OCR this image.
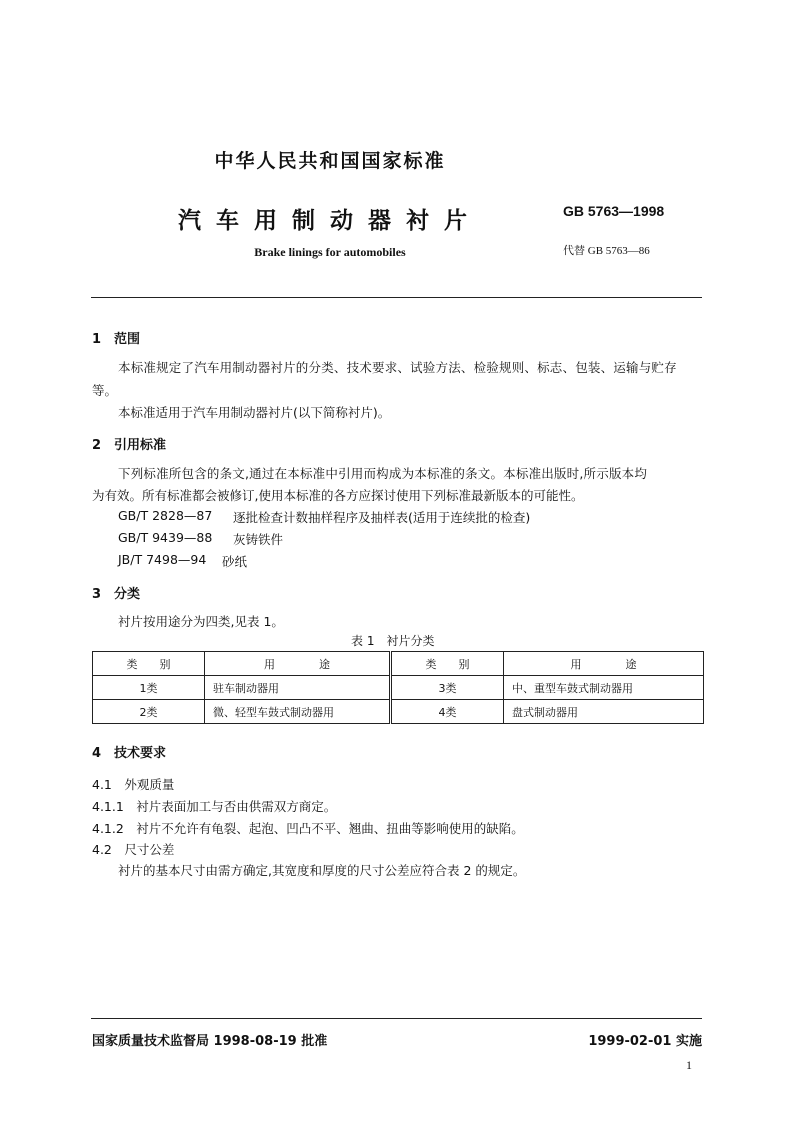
中华人民共和国国家标准
汽车用制动器衬片
Brake linings for automobiles
GB 5763—1998
代替 GB 5763—86
1　范围
本标准规定了汽车用制动器衬片的分类、技术要求、试验方法、检验规则、标志、包装、运输与贮存
等。
本标准适用于汽车用制动器衬片(以下简称衬片)。
2　引用标准
下列标准所包含的条文,通过在本标准中引用而构成为本标准的条文。本标准出版时,所示版本均
为有效。所有标准都会被修订,使用本标准的各方应探讨使用下列标准最新版本的可能性。
GB/T 2828—87 逐批检查计数抽样程序及抽样表(适用于连续批的检查)
GB/T 9439—88 灰铸铁件
JB/T 7498—94 砂纸
3　分类
衬片按用途分为四类,见表 1。
表 1　衬片分类
类　　别	用　　　　途	类　　别	用　　　　途
1类	驻车制动器用	3类	中、重型车鼓式制动器用
2类	微、轻型车鼓式制动器用	4类	盘式制动器用
4　技术要求
4.1　外观质量
4.1.1　衬片表面加工与否由供需双方商定。
4.1.2　衬片不允许有龟裂、起泡、凹凸不平、翘曲、扭曲等影响使用的缺陷。
4.2　尺寸公差
衬片的基本尺寸由需方确定,其宽度和厚度的尺寸公差应符合表 2 的规定。
国家质量技术监督局 1998-08-19 批准	1999-02-01 实施
1
